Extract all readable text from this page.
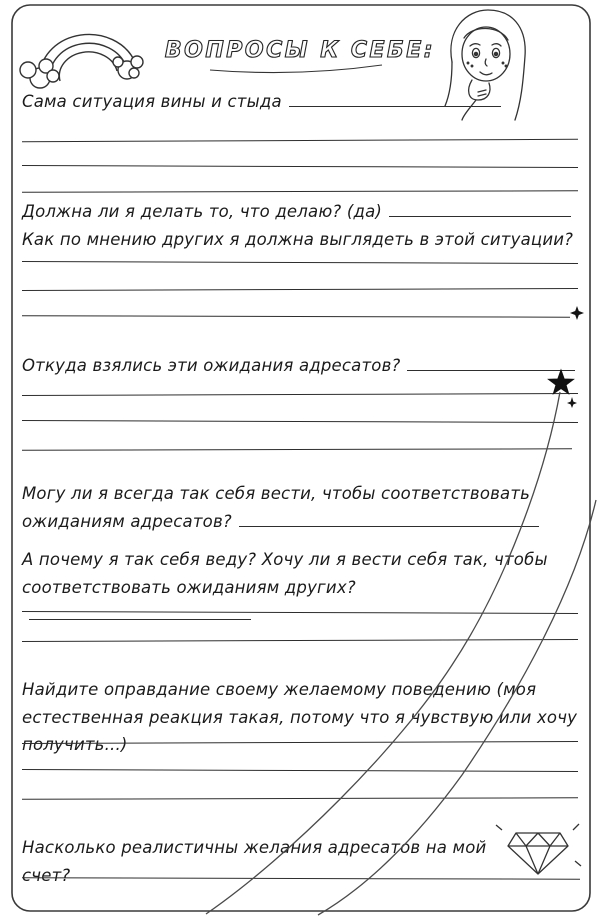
ВОПРОСЫ К СЕБЕ:
Сама ситуация вины и стыда
Должна ли я делать то, что делаю? (да)
Как по мнению других я должна выглядеть в этой ситуации?
Откуда взялись эти ожидания адресатов?
Могу ли я всегда так себя вести, чтобы соответствовать ожиданиям адресатов?
А почему я так себя веду? Хочу ли я вести себя так, чтобы соответствовать ожиданиям других?
Найдите оправдание своему желаемому поведению (моя естественная реакция такая, потому что я чувствую или хочу получить...)
Насколько реалистичны желания адресатов на мой счет?
